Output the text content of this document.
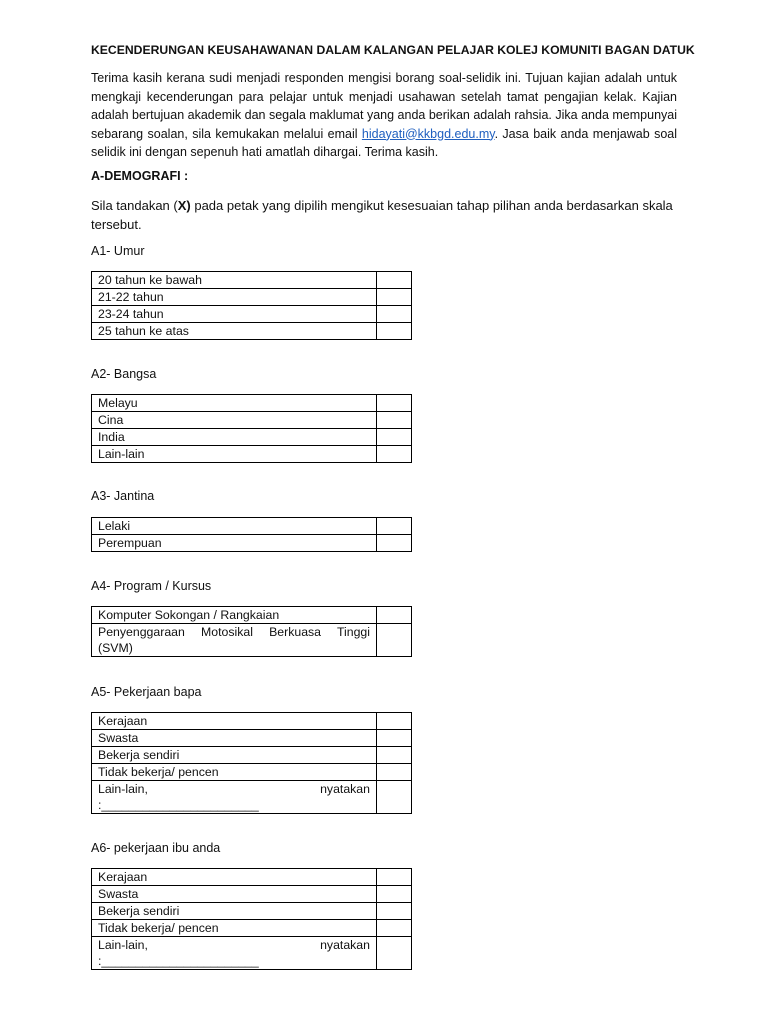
KECENDERUNGAN KEUSAHAWANAN DALAM KALANGAN PELAJAR KOLEJ KOMUNITI BAGAN DATUK
Terima kasih kerana sudi menjadi responden mengisi borang soal-selidik ini. Tujuan kajian adalah untuk mengkaji kecenderungan para pelajar untuk menjadi usahawan setelah tamat pengajian kelak. Kajian adalah bertujuan akademik dan segala maklumat yang anda berikan adalah rahsia. Jika anda mempunyai sebarang soalan, sila kemukakan melalui email hidayati@kkbgd.edu.my. Jasa baik anda menjawab soal selidik ini dengan sepenuh hati amatlah dihargai. Terima kasih.
A-DEMOGRAFI :
Sila tandakan (X) pada petak yang dipilih mengikut kesesuaian tahap pilihan anda berdasarkan skala tersebut.
A1- Umur
20 tahun ke bawah	
21-22 tahun	
23-24 tahun	
25 tahun ke atas	
A2- Bangsa
Melayu	
Cina	
India	
Lain-lain	
A3- Jantina
Lelaki	
Perempuan	
A4- Program / Kursus
Komputer Sokongan / Rangkaian	
Penyenggaraan Motosikal Berkuasa Tinggi (SVM)	
A5- Pekerjaan bapa
Kerajaan	
Swasta	
Bekerja sendiri	
Tidak bekerja/ pencen	

Lain-lain, nyatakan
:_______________________	

A6- pekerjaan ibu anda
Kerajaan	
Swasta	
Bekerja sendiri	
Tidak bekerja/ pencen	

Lain-lain, nyatakan
:_______________________	
